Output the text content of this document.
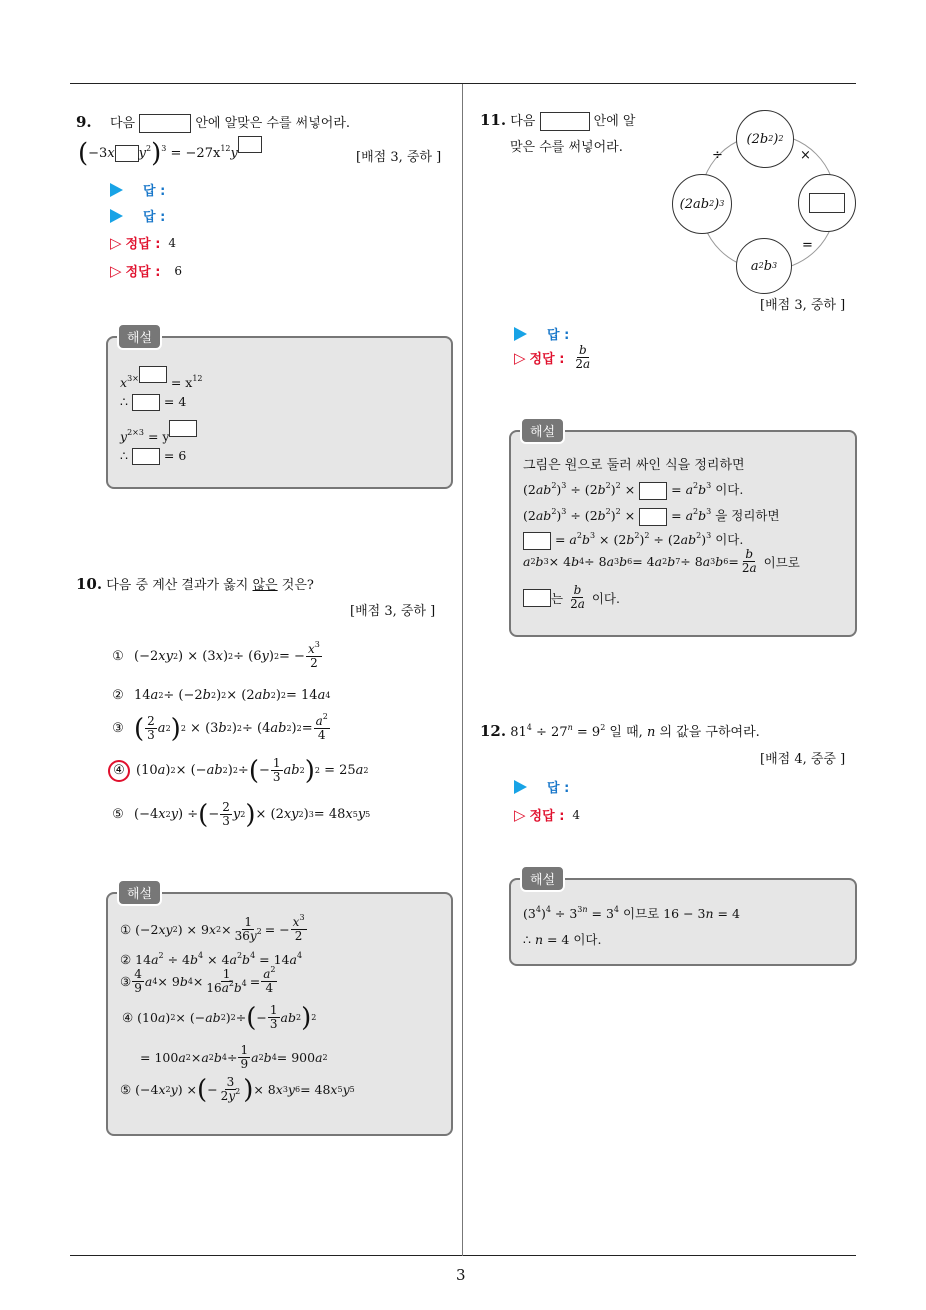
3
9. 다음	안에 알맞은 수를 써넣어라.
(−3x $y^2)^3 = -27x^{12}y$	[배점 3, 중하 ]
답 :
답 :
▷ 정답 : 4
▷ 정답 : 6
$x^{3\times}$	= $x^{12}$
∴	= 4
$y^{2\times 3} = y$
∴	= 6
해설
10. 다음 중 계산 결과가 옳지 않은 것은?
[배점 3, 중하 ]
① (−2 xy 2 ) × (3 x ) 2 ÷ (6 y ) 2 = − $\frac{x^3}{2}$
② 14 a 2 ÷ (−2 b 2 ) 2 × (2 ab 2 ) 2 = 14 a 4
③ ( $\frac{2}{3}$ a 2 ) 2 × (3 b 2 ) 2 ÷ (4 ab 2 ) $2 = \frac{a^2}{4}$
④ (10 a ) 2 × (− ab 2 ) 2 ÷ ( − $\frac{1}{3}$ ab 2 ) 2 = 25 a 2
⑤ (−4 x 2 y ) ÷ ( − $\frac{2}{3}$ y 2 ) × (2 xy 2 ) 3 = 48 x 5 y 5
① (−2 xy 2 ) × 9 x $2 \times \frac{1}{36y^2}$ = − $\frac{x^3}{2}$
② $14a^2 \div 4b^4 \times 4a^2b^4 = 14a^4$
③ $\frac{4}{9}$ a 4 × 9 b $4 \times \frac{1}{16a^2b^4} = \frac{a^2}{4}$
④ (10 a ) 2 × (− ab 2 ) 2 ÷ ( − $\frac{1}{3}$ ab 2 ) 2
= 100 a 2 × a 2 b $4 \div \frac{1}{9}$ a 2 b 4 = 900 a 2
⑤ (−4 x 2 y ) × ( − $\frac{3}{2y^2}$ ) × 8 x 3 y 6 = 48 x 5 y 5
해설
11. 다음	안에 알
맞은 수를 써넣어라.
(2 b 2 ) 2
(2 ab 2 ) 3
a 2 b 3
÷	×
=
[배점 3, 중하 ]
답 :
▷ 정답 : $\frac{b}{2a}$
그림은 원으로 둘러 싸인 식을 정리하면
$(2ab^2)^3 \div (2b^2)^2$ ×  = $a^2b^3$ 이다.
$(2ab^2)^3 \div (2b^2)^2$ ×  = $a^2b^3$ 을 정리하면
= $a^2b^3 \times (2b^2)^2 \div (2ab^2)^3$ 이다.
a 2 b 3 × 4 b 4 ÷ 8 a 3 b 6 = 4 a 2 b 7 ÷ 8 a 3 b $6 = \frac{b}{2a}$
이므로
는
$\frac{b}{2a}$
이다.
해설
12. $81^4 \div 27^n = 9^2$ 일 때, n 의 값을 구하여라.
[배점 4, 중중 ]
답 :
▷ 정답 : 4
$(3^4)^4 \div 3^{3n} = 3^4$ 이므로 16 − 3n = 4
∴ n = 4 이다.
해설
